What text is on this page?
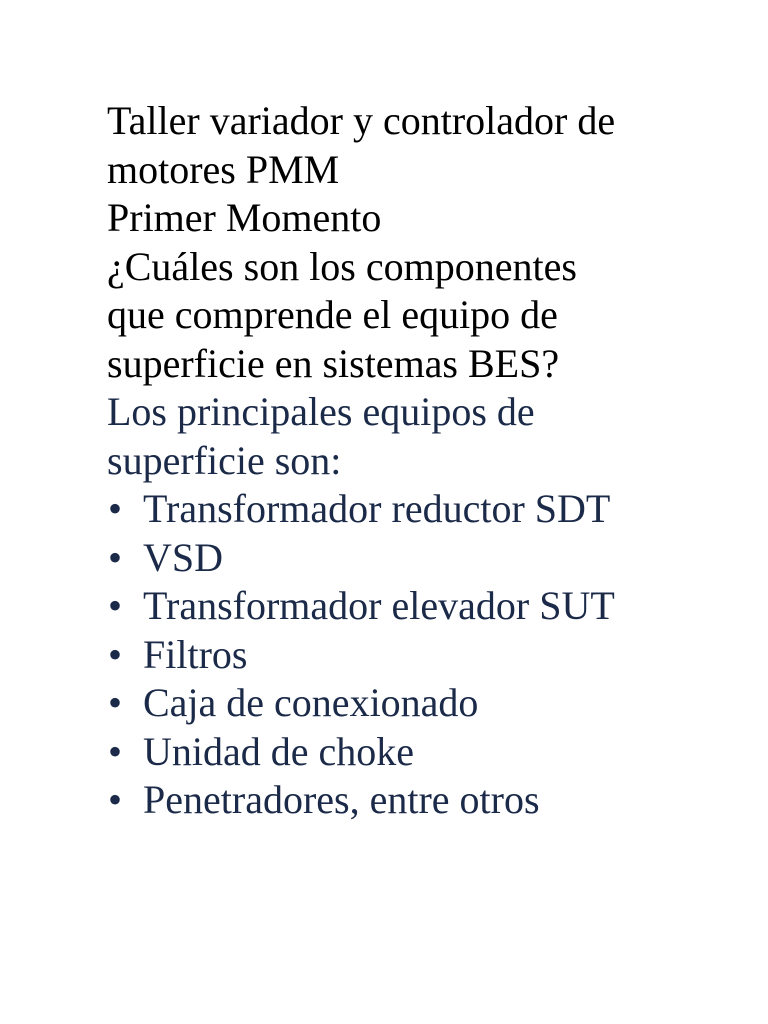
Taller variador y controlador de
motores PMM
Primer Momento
¿Cuáles son los componentes
que comprende el equipo de
superficie en sistemas BES?
Los principales equipos de
superficie son:
• Transformador reductor SDT
• VSD
• Transformador elevador SUT
• Filtros
• Caja de conexionado
• Unidad de choke
• Penetradores, entre otros
